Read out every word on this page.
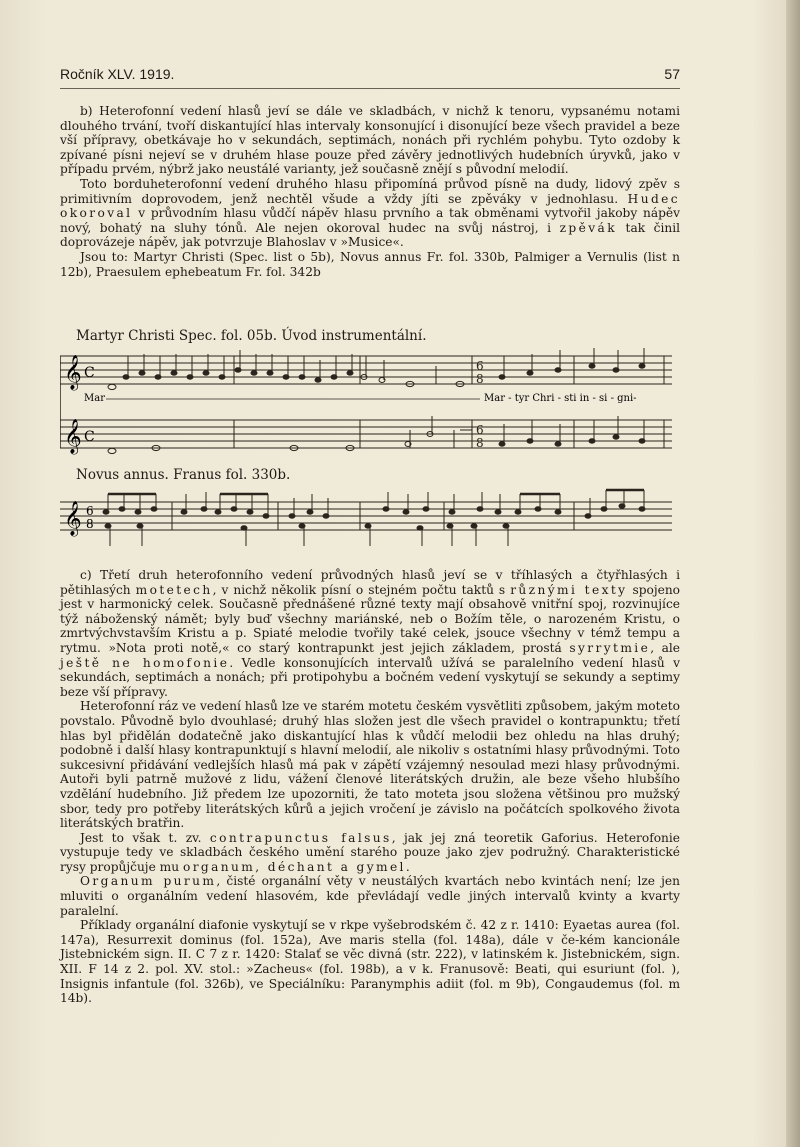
Ročník XLV. 1919.	57

b) Heterofonní vedení hlasů jeví se dále ve skladbách, v nichž k tenoru, vypsanému notami dlouhého trvání, tvoří diskantující hlas intervaly konsonující i disonující beze všech pravidel a beze vší přípravy, obetkávaje ho v sekundách, septimách, nonách při rychlém pohybu. Tyto ozdoby k zpívané písni nejeví se v druhém hlase pouze před závěry jednotlivých hudebních úryvků, jako v případu prvém, nýbrž jako neustálé varianty, jež současně znějí s původní melodií.

Toto borduheterofonní vedení druhého hlasu připomíná průvod písně na dudy, lidový zpěv s primitivním doprovodem, jenž nechtěl všude a vždy jíti se zpěváky v jednohlasu. Hudec okoroval v průvodním hlasu vůdčí nápěv hlasu prvního a tak obměnami vytvořil jakoby nápěv nový, bohatý na sluhy tónů. Ale nejen okoroval hudec na svůj nástroj, i zpěvák tak činil doprovázeje nápěv, jak potvrzuje Blahoslav v »Musice«.

Jsou to: Martyr Christi (Spec. list o 5b), Novus annus Fr. fol. 330b, Palmiger a Vernulis (list n 12b), Praesulem ephebeatum Fr. fol. 342b

Martyr Christi Spec. fol. 05b. Úvod instrumentální.
𝄞
𝄞
C
C
6
8
6
8
Mar	Mar - tyr Chri - sti in - si - gni-
Novus annus. Franus fol. 330b.
𝄞 6
8

c) Třetí druh heterofonního vedení průvodných hlasů jeví se v tříhlasých a čtyřhlasých i pětihlasých motetech, v nichž několik písní o stejném počtu taktů s různými texty spojeno jest v harmonický celek. Současně přednášené různé texty mají obsahově vnitřní spoj, rozvinujíce týž náboženský námět; byly buď všechny mariánské, neb o Božím těle, o narozeném Kristu, o zmrtvýchvstavším Kristu a p. Spiaté melodie tvořily také celek, jsouce všechny v témž tempu a rytmu. »Nota proti notě,« co starý kontrapunkt jest jejich základem, prostá syrrytmie, ale ještě ne homofonie. Vedle konsonujících intervalů užívá se paralelního vedení hlasů v sekundách, septimách a nonách; při protipohybu a bočném vedení vyskytují se sekundy a septimy beze vší přípravy.

Heterofonní ráz ve vedení hlasů lze ve starém motetu českém vysvětliti způsobem, jakým moteto povstalo. Původně bylo dvouhlasé; druhý hlas složen jest dle všech pravidel o kontrapunktu; třetí hlas byl přidělán dodatečně jako diskantující hlas k vůdčí melodii bez ohledu na hlas druhý; podobně i další hlasy kontrapunktují s hlavní melodií, ale nikoliv s ostatními hlasy průvodnými. Toto sukcesivní přidávání vedlejších hlasů má pak v zápětí vzájemný nesoulad mezi hlasy průvodnými. Autoři byli patrně mužové z lidu, vážení členové literátských družin, ale beze všeho hlubšího vzdělání hudebního. Již předem lze upozorniti, že tato moteta jsou složena většinou pro mužský sbor, tedy pro potřeby literátských kůrů a jejich vročení je závislo na počátcích spolkového života literátských bratřin.

Jest to však t. zv. contrapunctus falsus, jak jej zná teoretik Gaforius. Heterofonie vystupuje tedy ve skladbách českého umění starého pouze jako zjev podružný. Charakteristické rysy propůjčuje mu organum, déchant a gymel.

Organum purum, čisté organální věty v neustálých kvartách nebo kvintách není; lze jen mluviti o organálním vedení hlasovém, kde převládají vedle jiných intervalů kvinty a kvarty paralelní.

Příklady organální diafonie vyskytují se v rkpe vyšebrodském č. 42 z r. 1410: Eyaetas aurea (fol. 147a), Resurrexit dominus (fol. 152a), Ave maris stella (fol. 148a), dále v če-kém kancionále Jistebnickém sign. II. C 7 z r. 1420: Stalať se věc divná (str. 222), v latinském k. Jistebnickém, sign. XII. F 14 z 2. pol. XV. stol.: »Zacheus« (fol. 198b), a v k. Franusově: Beati, qui esuriunt (fol. ), Insignis infantule (fol. 326b), ve Speciálníku: Paranymphis adiit (fol. m 9b), Congaudemus (fol. m 14b).
